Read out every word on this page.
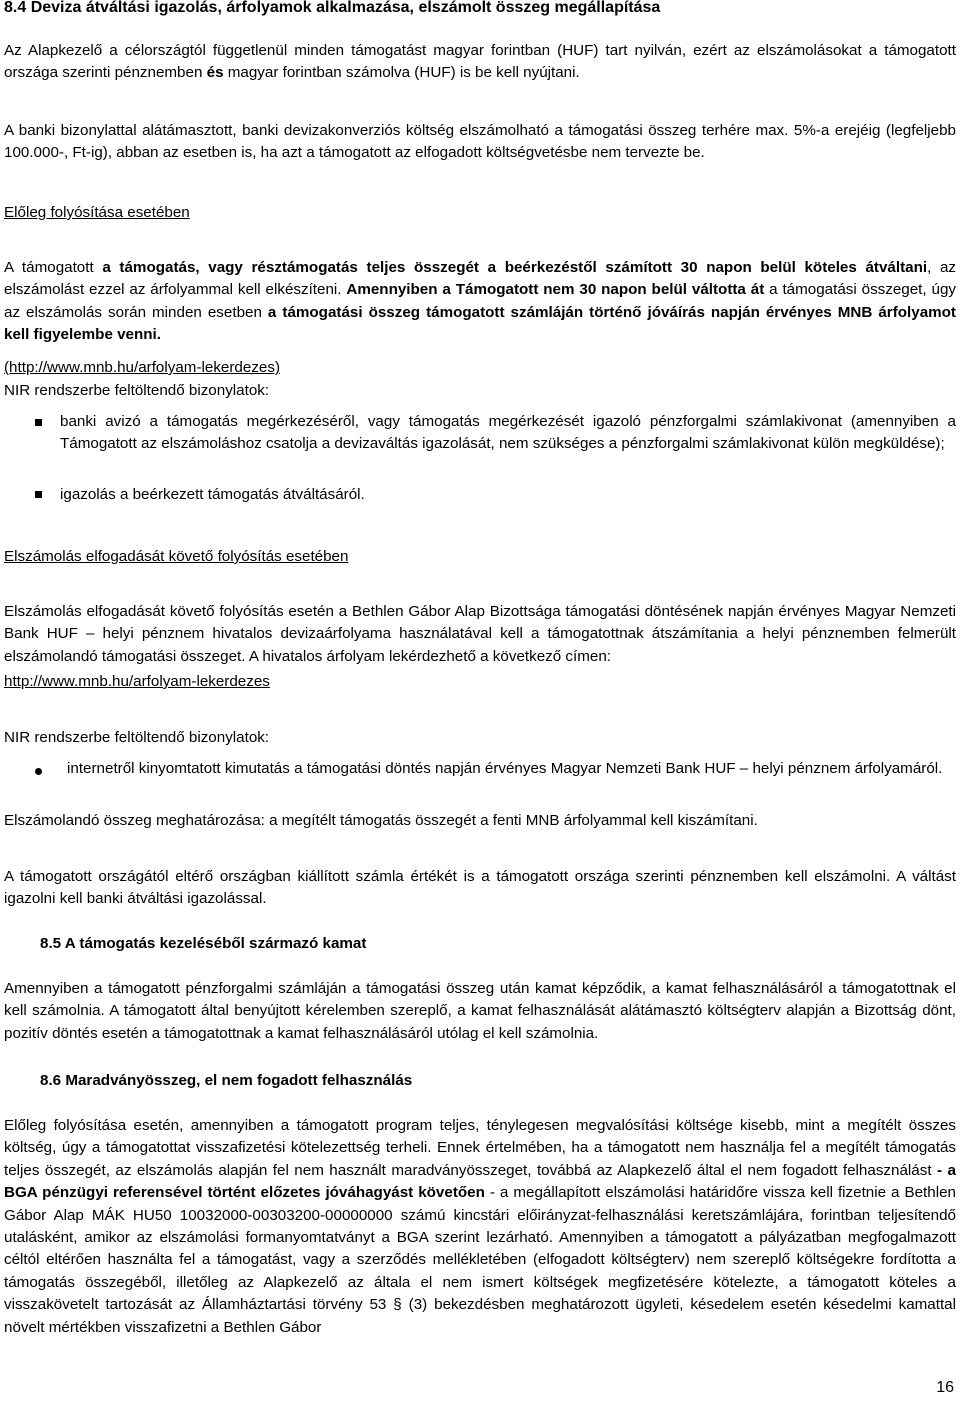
8.4 Deviza átváltási igazolás, árfolyamok alkalmazása, elszámolt összeg megállapítása

Az Alapkezelő a célországtól függetlenül minden támogatást magyar forintban (HUF) tart nyilván, ezért az elszámolásokat a támogatott országa szerinti pénznemben és magyar forintban számolva (HUF) is be kell nyújtani.

A banki bizonylattal alátámasztott, banki devizakonverziós költség elszámolható a támogatási összeg terhére max. 5%-a erejéig (legfeljebb 100.000-, Ft-ig), abban az esetben is, ha azt a támogatott az elfogadott költségvetésbe nem tervezte be.

Előleg folyósítása esetében

A támogatott a támogatás, vagy résztámogatás teljes összegét a beérkezéstől számított 30 napon belül köteles átváltani, az elszámolást ezzel az árfolyammal kell elkészíteni. Amennyiben a Támogatott nem 30 napon belül váltotta át a támogatási összeget, úgy az elszámolás során minden esetben a támogatási összeg támogatott számláján történő jóváírás napján érvényes MNB árfolyamot kell figyelembe venni.

(http://www.mnb.hu/arfolyam-lekerdezes)

NIR rendszerbe feltöltendő bizonylatok:

banki avizó a támogatás megérkezéséről, vagy támogatás megérkezését igazoló pénzforgalmi számlakivonat (amennyiben a Támogatott az elszámoláshoz csatolja a devizaváltás igazolását, nem szükséges a pénzforgalmi számlakivonat külön megküldése);

igazolás a beérkezett támogatás átváltásáról.

Elszámolás elfogadását követő folyósítás esetében

Elszámolás elfogadását követő folyósítás esetén a Bethlen Gábor Alap Bizottsága támogatási döntésének napján érvényes Magyar Nemzeti Bank HUF – helyi pénznem hivatalos devizaárfolyama használatával kell a támogatottnak átszámítania a helyi pénznemben felmerült elszámolandó támogatási összeget. A hivatalos árfolyam lekérdezhető a következő címen:

http://www.mnb.hu/arfolyam-lekerdezes

NIR rendszerbe feltöltendő bizonylatok:

internetről kinyomtatott kimutatás a támogatási döntés napján érvényes Magyar Nemzeti Bank HUF – helyi pénznem árfolyamáról.

Elszámolandó összeg meghatározása: a megítélt támogatás összegét a fenti MNB árfolyammal kell kiszámítani.

A támogatott országától eltérő országban kiállított számla értékét is a támogatott országa szerinti pénznemben kell elszámolni. A váltást igazolni kell banki átváltási igazolással.

8.5 A támogatás kezeléséből származó kamat

Amennyiben a támogatott pénzforgalmi számláján a támogatási összeg után kamat képződik, a kamat felhasználásáról a támogatottnak el kell számolnia. A támogatott által benyújtott kérelemben szereplő, a kamat felhasználását alátámasztó költségterv alapján a Bizottság dönt, pozitív döntés esetén a támogatottnak a kamat felhasználásáról utólag el kell számolnia.

8.6 Maradványösszeg, el nem fogadott felhasználás

Előleg folyósítása esetén, amennyiben a támogatott program teljes, ténylegesen megvalósítási költsége kisebb, mint a megítélt összes költség, úgy a támogatottat visszafizetési kötelezettség terheli. Ennek értelmében, ha a támogatott nem használja fel a megítélt támogatás teljes összegét, az elszámolás alapján fel nem használt maradványösszeget, továbbá az Alapkezelő által el nem fogadott felhasználást - a BGA pénzügyi referensével történt előzetes jóváhagyást követően - a megállapított elszámolási határidőre vissza kell fizetnie a Bethlen Gábor Alap MÁK HU50 10032000-00303200-00000000 számú kincstári előirányzat-felhasználási keretszámlájára, forintban teljesítendő utalásként, amikor az elszámolási formanyomtatványt a BGA szerint lezárható. Amennyiben a támogatott a pályázatban megfogalmazott céltól eltérően használta fel a támogatást, vagy a szerződés mellékletében (elfogadott költségterv) nem szereplő költségekre fordította a támogatás összegéből, illetőleg az Alapkezelő az általa el nem ismert költségek megfizetésére kötelezte, a támogatott köteles a visszakövetelt tartozását az Államháztartási törvény 53 § (3) bekezdésben meghatározott ügyleti, késedelem esetén késedelmi kamattal növelt mértékben visszafizetni a Bethlen Gábor

16
